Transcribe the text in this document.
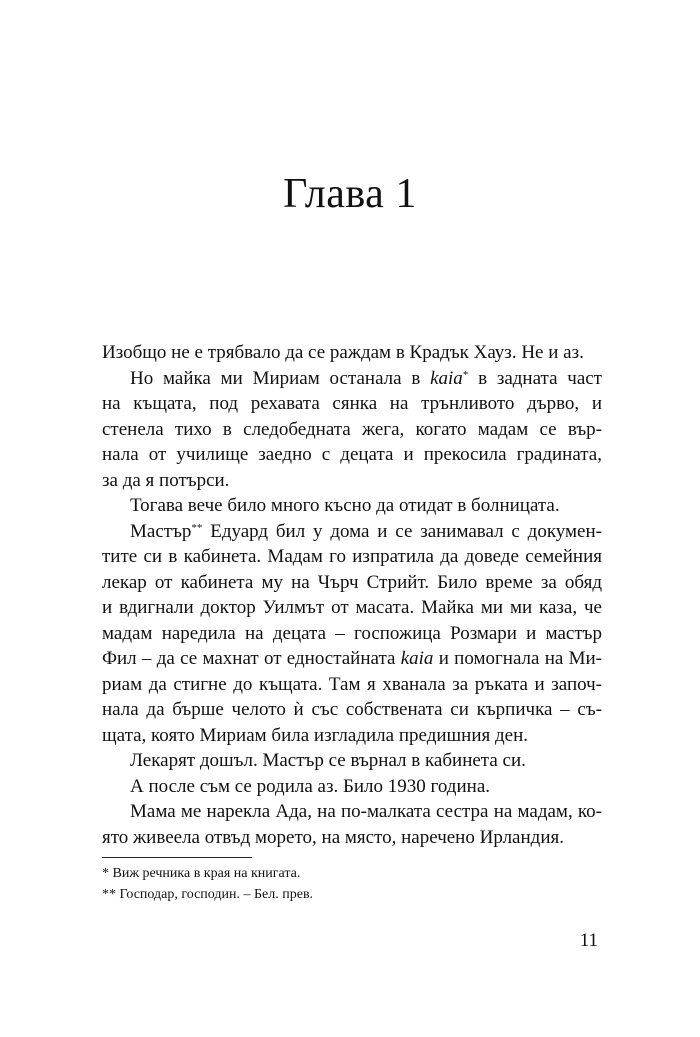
Глава 1
Изобщо не е трябвало да се раждам в Крадък Хауз. Не и аз.
Но майка ми Мириам останала в kaia* в задната част
на къщата, под рехавата сянка на трънливото дърво, и
стенела тихо в следобедната жега, когато мадам се вър-
нала от училище заедно с децата и прекосила градината,
за да я потърси.
Тогава вече било много късно да отидат в болницата.
Мастър** Едуард бил у дома и се занимавал с докумен-
тите си в кабинета. Мадам го изпратила да доведе семейния
лекар от кабинета му на Чърч Стрийт. Било време за обяд
и вдигнали доктор Уилмът от масата. Майка ми ми каза, че
мадам наредила на децата – госпожица Розмари и мастър
Фил – да се махнат от едностайната kaia и помогнала на Ми-
риам да стигне до къщата. Там я хванала за ръката и започ-
нала да бърше челото ѝ със собствената си кърпичка – съ-
щата, която Мириам била изгладила предишния ден.
Лекарят дошъл. Мастър се върнал в кабинета си.
А после съм се родила аз. Било 1930 година.
Мама ме нарекла Ада, на по-малката сестра на мадам, ко-
ято живеела отвъд морето, на място, наречено Ирландия.
* Виж речника в края на книгата.
** Господар, господин. – Бел. прев.
11
